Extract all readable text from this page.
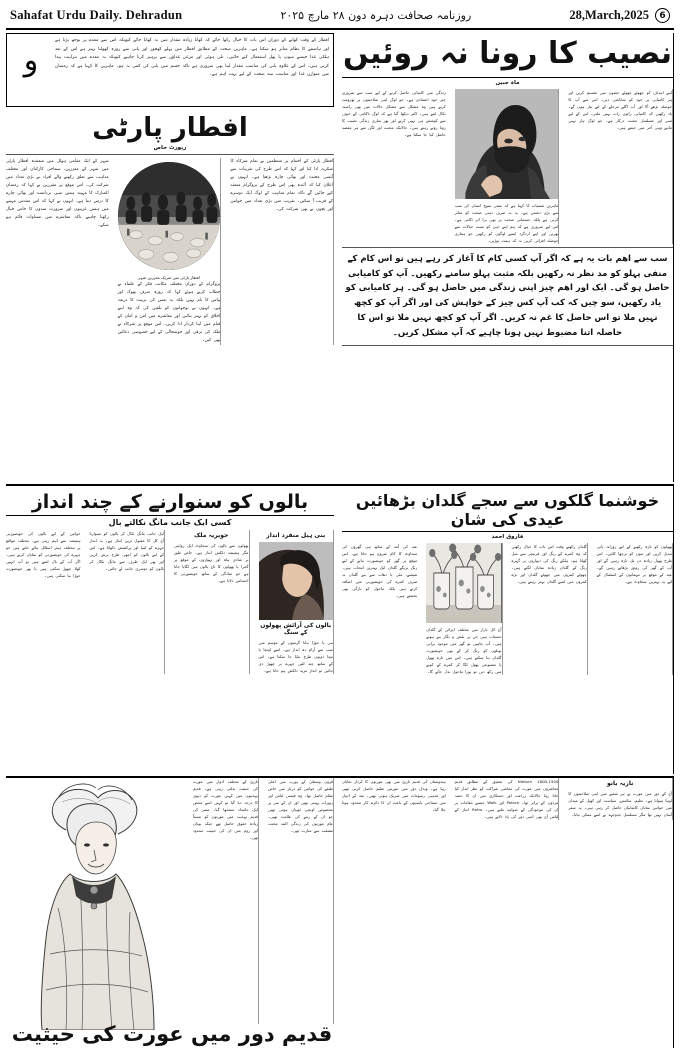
Sahafat Urdu Daily. Dehradun	روزنامہ صحافت دہرہ دون ۲۸ مارچ ۲۰۲۵	28,March,2025	6
و
افطار کے وقت کھانے کے دوران اس بات کا خیال رکھا جائے کہ کھانا زیادہ مقدار میں نہ کھایا جائے کیونکہ اس سے معدے پر بوجھ پڑتا ہے اور ہاضمے کا نظام متاثر ہو سکتا ہے۔ ماہرین صحت کے مطابق افطار میں پہلے کھجور اور پانی سے روزہ کھولنا بہتر ہے اس کے بعد ہلکی غذا جیسے سوپ یا پھل استعمال کیے جائیں۔ تلی ہوئی اور مرغن غذاؤں سے پرہیز کرنا چاہیے کیونکہ یہ معدے میں تیزابیت پیدا کرتی ہیں۔ اس کے علاوہ پانی کی مناسب مقدار لینا بھی ضروری ہے تاکہ جسم میں پانی کی کمی نہ ہو۔ ماہرین کا کہنا ہے کہ رمضان میں متوازن غذا اور مناسب نیند صحت کے لیے بہت اہم ہے۔
افطار پارٹی
رپورٹ خاص
شہر کے ایک مقامی ہوٹل میں منعقدہ افطار پارٹی میں شہر کے معززین، سماجی کارکنان اور مختلف مذاہب سے تعلق رکھنے والے افراد نے بڑی تعداد میں شرکت کی۔ اس موقع پر مقررین نے کہا کہ رمضان المبارک کا مہینہ ہمیں صبر، برداشت اور بھائی چارے کا درس دیتا ہے۔ انہوں نے کہا کہ اس مقدس مہینے میں ہمیں غریبوں اور ضرورت مندوں کا خاص خیال رکھنا چاہیے تاکہ معاشرے میں مساوات قائم ہو سکے۔
افطار پارٹی میں شریک معززین شہر
پروگرام کے دوران مختلف مکاتب فکر کے علماء نے خطاب کرتے ہوئے کہا کہ روزہ صرف بھوک اور پیاس کا نام نہیں بلکہ یہ نفس کی تربیت کا ذریعہ ہے۔ انہوں نے نوجوانوں کو تلقین کی کہ وہ اپنے اخلاق کو بہتر بنائیں اور معاشرے میں امن و امان کے قیام میں اپنا کردار ادا کریں۔ اس موقع پر شرکاء نے ملک کی ترقی اور خوشحالی کے لیے خصوصی دعائیں بھی کیں۔
افطار پارٹی کے اختتام پر منتظمین نے تمام شرکاء کا شکریہ ادا کیا اور کہا کہ اس طرح کی تقریبات سے آپسی محبت اور بھائی چارہ بڑھتا ہے۔ انہوں نے اعلان کیا کہ آئندہ بھی اس طرح کے پروگرام منعقد کیے جائیں گے تاکہ تمام مذاہب کے لوگ ایک دوسرے کے قریب آ سکیں۔ تقریب میں بڑی تعداد میں خواتین اور بچوں نے بھی شرکت کی۔
نصیب کا رونا نہ روئیں
ماہ جبیں
زندگی میں کامیابی حاصل کرنے کے لیے سب سے ضروری چیز خود اعتمادی ہے۔ جو لوگ اپنی صلاحیتوں پر بھروسہ کرتے ہیں وہ مشکل سے مشکل حالات میں بھی راستہ نکال لیتے ہیں۔ اکثر دیکھا گیا ہے کہ لوگ ناکامی کے خوف سے کوشش ہی نہیں کرتے اور پھر ساری زندگی نصیب کا رونا روتے رہتے ہیں۔ حالانکہ محنت اور لگن سے ہر مقصد حاصل کیا جا سکتا ہے۔
ماہرین نفسیات کا کہنا ہے کہ منفی سوچ انسان کی سب سے بڑی دشمن ہے۔ یہ نہ صرف ذہنی صحت کو متاثر کرتی ہے بلکہ جسمانی صحت پر بھی برا اثر ڈالتی ہے۔ اس لیے ضروری ہے کہ ہم اپنے ذہن کو مثبت خیالات سے بھریں اور اپنے اردگرد ایسے لوگوں کو رکھیں جو ہماری حوصلہ افزائی کریں نہ کہ ہمت توڑیں۔
اپنے اہداف کو چھوٹے چھوٹے حصوں میں تقسیم کریں اور ہر کامیابی پر خود کو شاباشی دیں۔ اس سے آپ کا حوصلہ بڑھے گا اور آپ اگلے مرحلے کے لیے تیار ہوں گے۔ یاد رکھیں کہ کامیابی راتوں رات نہیں ملتی، اس کے لیے صبر اور مسلسل محنت درکار ہے۔ جو لوگ ہار نہیں مانتے وہی آخر میں جیتتے ہیں۔
سب سے اھم بات یہ ہے کہ اگر آپ کسی کام کا آغاز کر رہے ہیں تو اس کام کے منفی پہلو کو مد نظر نہ رکھیں بلکہ مثبت پہلو سامنے رکھیں۔ آپ کو کامیابی حاصل ہو گی۔ ایک اور اھم چیز اپنی زندگی میں حاصل ہو گی۔ ہر کامیابی کو یاد رکھیں، سو چیں کہ کب آپ کس چیز کے خواہش کی اور اگر آپ کو کچھ نہیں ملا تو اس حاصل کا غم نہ کریں۔ اگر آپ کو کچھ نہیں ملا تو اس کا حاصلہ اتنا مضبوط نہیں ہونا چاہیے کہ آپ مشکل کریں۔
بالوں کو سنوارنے کے چند انداز
کسی ایک جانب مانگ نکالتے بال
خواتین کے لیے بالوں کی خوبصورتی ہمیشہ سے اہم رہی ہے۔ مختلف مواقع پر مختلف ہیئر اسٹائل بنائے جاتے ہیں جو چہرے کی خوبصورتی کو نمایاں کرتے ہیں۔ اگر آپ کے بال لمبے ہیں تو آپ انہیں کھلا چھوڑ سکتی ہیں یا پھر خوبصورت جوڑا بنا سکتی ہیں۔
ایک جانب مانگ نکال کر بالوں کو سنوارنا آج کل کا مقبول ترین انداز ہے۔ یہ انداز چہرے کو لمبا اور پرکشش دکھاتا ہے۔ اس کے لیے بالوں کو اچھی طرح برش کریں اور پھر ایک طرف سے مانگ نکال کر بالوں کو دوسری جانب لے جائیں۔
جویریہ ملک
پھولوں سے بالوں کی سجاوٹ ایک روایتی مگر ہمیشہ دلکش انداز ہے۔ خاص طور پر شادی بیاہ اور تہواروں کے موقع پر گجرا یا پھولوں کا تاج بالوں میں لگایا جاتا ہے جو سادگی کے ساتھ خوبصورتی کا احساس دلاتا ہے۔
بنی ہیل منفرد انداز
بالوں کی آرائش پھولوں کے سنگ
بنی یا جوڑا بنانا گرمیوں کے موسم میں سب سے آرام دہ انداز ہے۔ اسے اونچا یا نیچا دونوں طرح بنایا جا سکتا ہے۔ اس کے ساتھ چند لٹیں چہرے پر چھوڑ دی جائیں تو انداز مزید دلکش ہو جاتا ہے۔
خوشنما گلکوں سے سجے گلدان بڑھائیں عیدی کی شان
فاروق احمد
عید کی آمد کے ساتھ ہی گھروں کی سجاوٹ کا کام شروع ہو جاتا ہے۔ اس موقع پر گھر کو خوبصورت بنانے کے لیے رنگ برنگے گلدان ایک بہترین انتخاب ہیں۔ شیشے، مٹی یا دھات سے بنے گلدان نہ صرف کمرے کی خوبصورتی میں اضافہ کرتے ہیں بلکہ ماحول کو تازگی بھی بخشتے ہیں۔
آج کل بازار میں مختلف ڈیزائن کے گلدان دستیاب ہیں جن پر نقش و نگار بنے ہوتے ہیں۔ آپ چاہیں تو گھر میں موجود پرانی بوتلوں کو رنگ کر کے بھی خوبصورت گلدان بنا سکتے ہیں۔ اس میں تازہ پھول یا مصنوعی پھول لگا کر کمرے کے کونے میں رکھ دیں تو پورا ماحول بدل جائے گا۔
گلدان رکھتے وقت اس بات کا خیال رکھیں کہ وہ کمرے کے رنگ اور فرنیچر سے میل کھاتا ہو۔ ہلکے رنگ کی دیواروں پر گہرے رنگ کے گلدان زیادہ نمایاں لگتے ہیں۔ چھوٹے کمروں میں چھوٹے گلدان اور بڑے کمروں میں لمبے گلدان بہتر رہتے ہیں۔
پھولوں کو تازہ رکھنے کے لیے روزانہ پانی تبدیل کریں اور تنوں کو ترچھا کاٹیں۔ اس طرح پھول زیادہ دن تک تازہ رہیں گے اور آپ کے گھر کی رونق بڑھاتے رہیں گے۔ عید کے موقع پر مہمانوں کے استقبال کے لیے یہ بہترین سجاوٹ ہے۔
تاریخ کے مختلف ادوار میں عورت کی حیثیت بدلتی رہی ہے۔ قدیم تہذیبوں میں کہیں عورت کو دیوی کا درجہ دیا گیا تو کہیں اسے محض ایک جائیداد سمجھا گیا۔ مصر کی قدیم تہذیب میں عورتوں کو نسبتاً زیادہ حقوق حاصل تھے جبکہ یونان اور روم میں ان کی حیثیت محدود تھی۔
قرون وسطیٰ کے یورپ میں اعلیٰ طبقے کی خواتین کو دربار میں خاص مقام حاصل تھا۔ وہ قیمتی لباس اور زیورات پہنتی تھیں اور ان کے سر پر مخصوص اونچی ٹوپیاں ہوتی تھیں جو ان کے رتبے کی علامت تھیں۔ عام عورتوں کی زندگی البتہ محنت مشقت سے عبارت تھی۔
قدیم دور میں عورت کی حیثیت
ہندوستان کی قدیم تاریخ میں بھی عورتوں کا کردار نمایاں رہا ہے۔ ویدک دور میں عورتیں تعلیم حاصل کرتی تھیں اور مذہبی رسومات میں شریک ہوتی تھیں۔ بعد کے ادوار میں سماجی پابندیوں کے باعث ان کا دائرہ کار محدود ہوتا چلا گیا۔
Nielsen 1800-1500 کی تحقیق کے مطابق قدیم معاشروں میں عورت کی معاشی شراکت کو نظر انداز کیا جاتا رہا حالانکہ زراعت اور دستکاری میں ان کا حصہ مردوں کے برابر تھا۔ Palace اور Walk جیسے مقامات پر ان کی موجودگی کے شواہد ملتے ہیں۔ Retro انداز کے لباس آج بھی اسی دور کی یاد دلاتے ہیں۔
نازیہ بانو
آج کے دور میں عورت نے ہر شعبے میں اپنی صلاحیتوں کا لوہا منوایا ہے۔ تعلیم، سائنس، سیاست اور کھیل کے میدان میں خواتین نمایاں کامیابیاں حاصل کر رہی ہیں۔ یہ سفر آسان نہیں تھا مگر مسلسل جدوجہد نے اسے ممکن بنایا۔
